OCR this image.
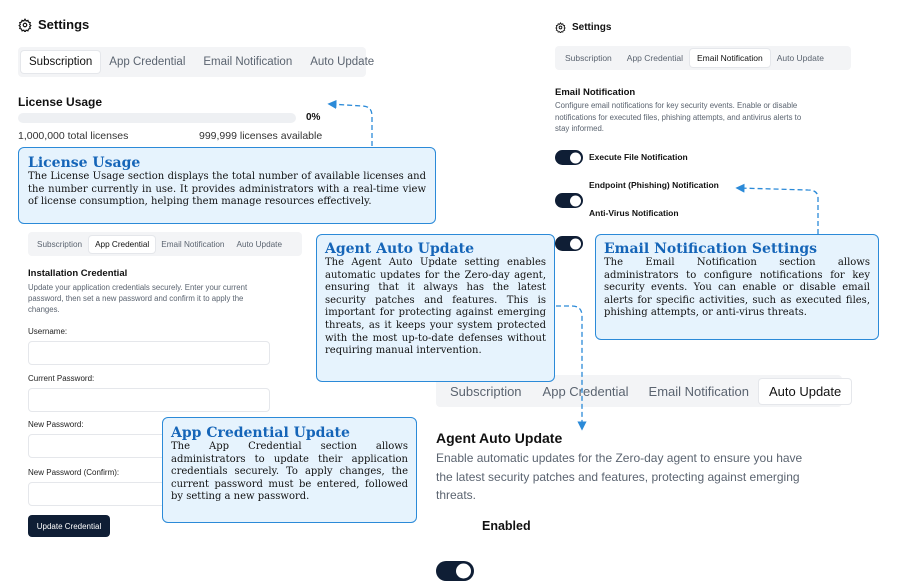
Settings
Subscription	App Credential	Email Notification	Auto Update
License Usage
0%
1,000,000 total licenses	999,999 licenses available
Settings
Subscription	App Credential	Email Notification	Auto Update
Email Notification
Configure email notifications for key security events. Enable or disable notifications for executed files, phishing attempts, and antivirus alerts to stay informed.
Execute File Notification
Endpoint (Phishing) Notification
Anti-Virus Notification
Subscription	App Credential	Email Notification	Auto Update
Installation Credential
Update your application credentials securely. Enter your current password, then set a new password and confirm it to apply the changes.
Username:
Current Password:
New Password:
New Password (Confirm):
Update Credential
Subscription	App Credential	Email Notification	Auto Update
Agent Auto Update
Enable automatic updates for the Zero-day agent to ensure you have the latest security patches and features, protecting against emerging threats.
Enabled
License Usage

The License Usage section displays the total number of available licenses and the number currently in use. It provides administrators with a real-time view of license consumption, helping them manage resources effectively.

Agent Auto Update

The Agent Auto Update setting enables automatic updates for the Zero-day agent, ensuring that it always has the latest security patches and features. This is important for protecting against emerging threats, as it keeps your system protected with the most up-to-date defenses without requiring manual intervention.

Email Notification Settings

The Email Notification section allows administrators to configure notifications for key security events. You can enable or disable email alerts for specific activities, such as executed files, phishing attempts, or anti-virus threats.

App Credential Update

The App Credential section allows administrators to update their application credentials securely. To apply changes, the current password must be entered, followed by setting a new password.
